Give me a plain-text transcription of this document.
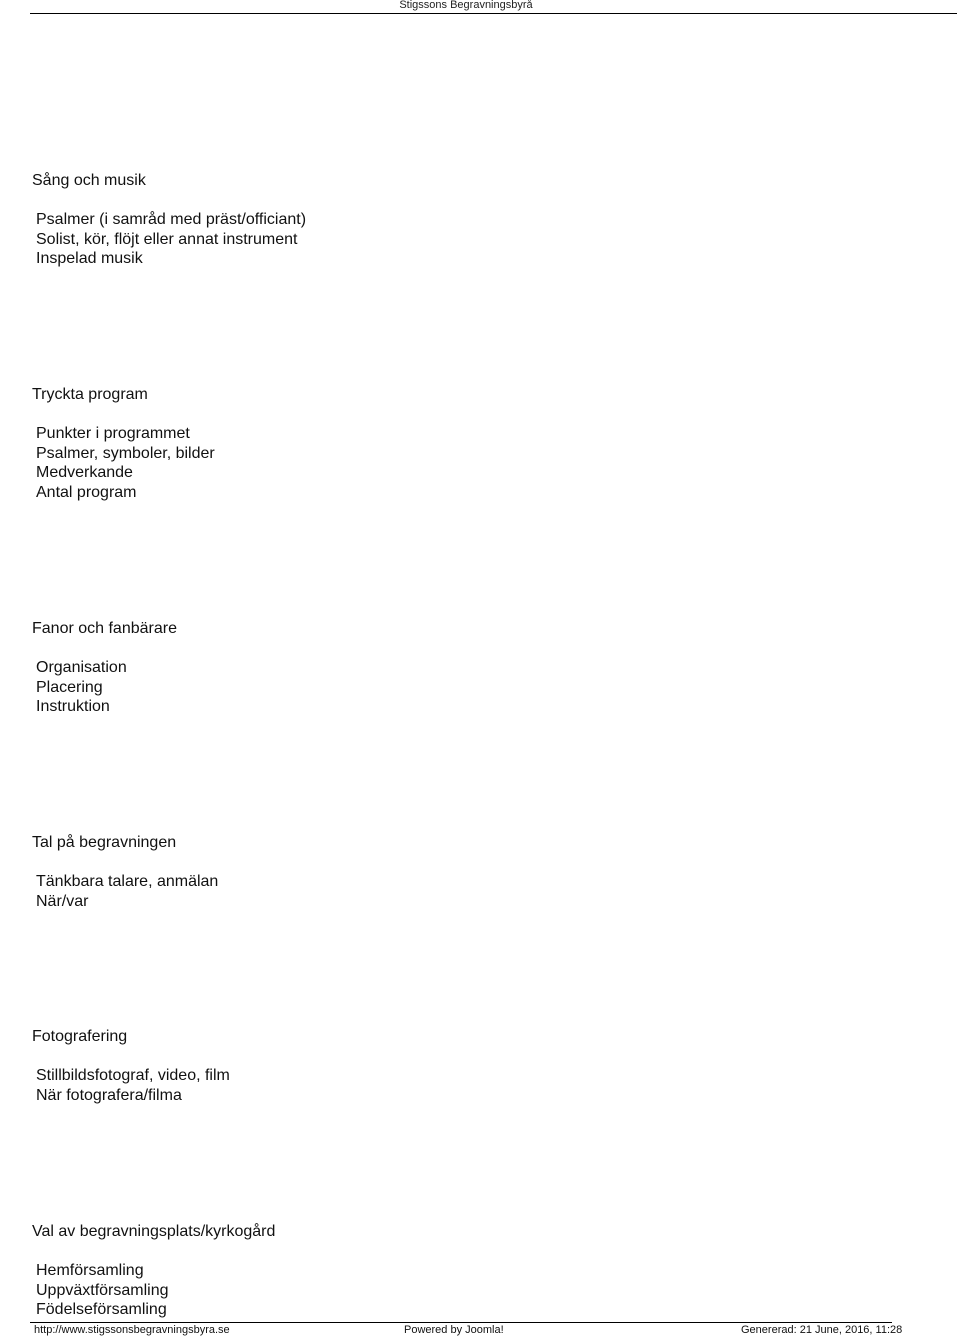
Stigssons Begravningsbyrå
Sång och musik
Psalmer (i samråd med präst/officiant)
Solist, kör, flöjt eller annat instrument
Inspelad musik
Tryckta program
Punkter i programmet
Psalmer, symboler, bilder
Medverkande
Antal program
Fanor och fanbärare
Organisation
Placering
Instruktion
Tal på begravningen
Tänkbara talare, anmälan
När/var
Fotografering
Stillbildsfotograf, video, film
När fotografera/filma
Val av begravningsplats/kyrkogård
Hemförsamling
Uppväxtförsamling
Födelseförsamling
http://www.stigssonsbegravningsbyra.se	Powered by Joomla!	Genererad: 21 June, 2016, 11:28
